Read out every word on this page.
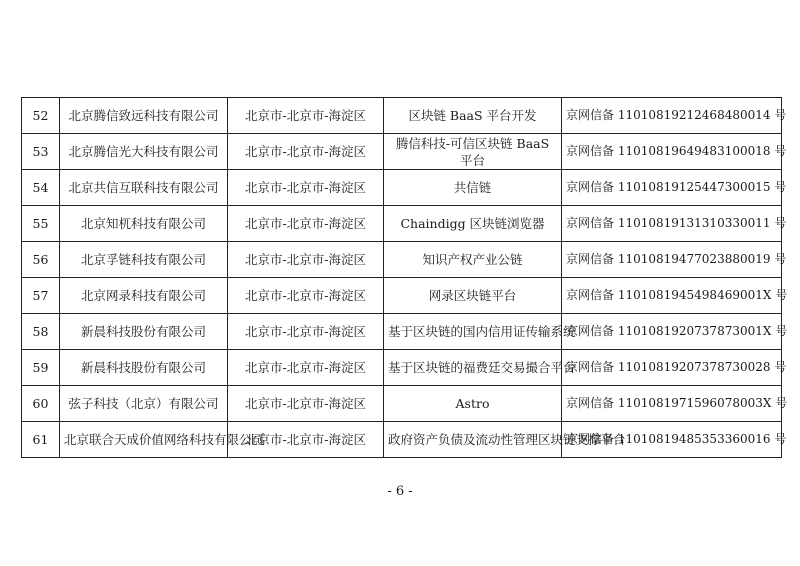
52	北京腾信致远科技有限公司	北京市-北京市-海淀区	区块链 BaaS 平台开发	京网信备 11010819212468480014 号
53	北京腾信光大科技有限公司	北京市-北京市-海淀区	腾信科技-可信区块链 BaaS 平台	京网信备 11010819649483100018 号
54	北京共信互联科技有限公司	北京市-北京市-海淀区	共信链	京网信备 11010819125447300015 号
55	北京知杌科技有限公司	北京市-北京市-海淀区	Chaindigg 区块链浏览器	京网信备 11010819131310330011 号
56	北京孚链科技有限公司	北京市-北京市-海淀区	知识产权产业公链	京网信备 11010819477023880019 号
57	北京网录科技有限公司	北京市-北京市-海淀区	网录区块链平台	京网信备 1101081945498469001X 号
58	新晨科技股份有限公司	北京市-北京市-海淀区	基于区块链的国内信用证传输系统	京网信备 1101081920737873001X 号
59	新晨科技股份有限公司	北京市-北京市-海淀区	基于区块链的福费廷交易撮合平台	京网信备 11010819207378730028 号
60	弦子科技（北京）有限公司	北京市-北京市-海淀区	Astro	京网信备 1101081971596078003X 号
61	北京联合天成价值网络科技有限公司	北京市-北京市-海淀区	政府资产负债及流动性管理区块链支撑平台	京网信备 11010819485353360016 号
- 6 -
